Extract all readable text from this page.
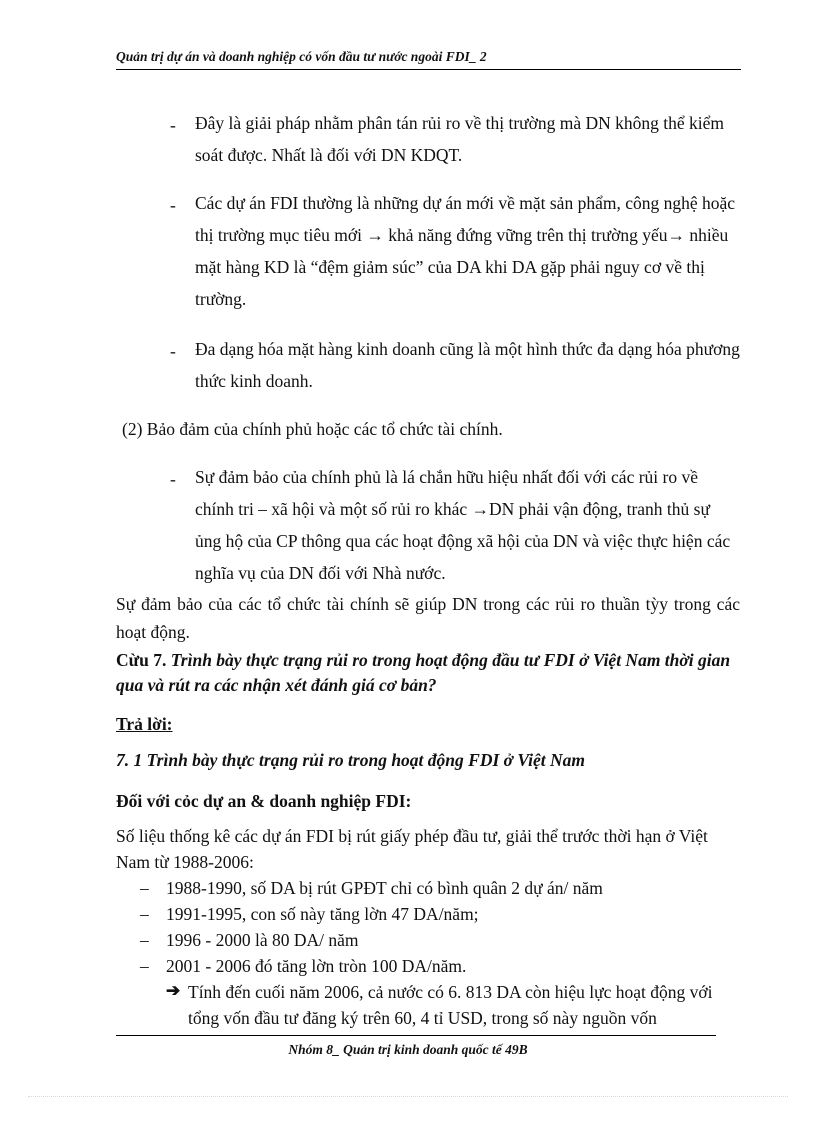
Quản trị dự án và doanh nghiệp có vốn đầu tư nước ngoài FDI_ 2
- Đây là giải pháp nhằm phân tán rủi ro về thị trường mà DN không thể kiểm soát được. Nhất là đối với DN KDQT.
- Các dự án FDI thường là những dự án mới về mặt sản phẩm, công nghệ hoặc thị trường mục tiêu mới → khả năng đứng vững trên thị trường yếu→ nhiều mặt hàng KD là “đệm giảm súc” của DA khi DA gặp phải nguy cơ về thị trường.
- Đa dạng hóa mặt hàng kinh doanh cũng là một hình thức đa dạng hóa phương thức kinh doanh.
(2) Bảo đảm của chính phủ hoặc các tổ chức tài chính.
- Sự đảm bảo của chính phủ là lá chắn hữu hiệu nhất đối với các rủi ro về chính tri – xã hội và một số rủi ro khác →DN phải vận động, tranh thủ sự ủng hộ của CP thông qua các hoạt động xã hội của DN và việc thực hiện các nghĩa vụ của DN đối với Nhà nước.
Sự đảm bảo của các tổ chức tài chính sẽ giúp DN trong các rủi ro thuần tỳy trong các hoạt động.
Cừu 7. Trình bày thực trạng rủi ro trong hoạt động đầu tư FDI ở Việt Nam thời gian qua và rút ra các nhận xét đánh giá cơ bản?
Trả lời:
7. 1 Trình bày thực trạng rủi ro trong hoạt động FDI ở Việt Nam
Đối với cỏc dự an & doanh nghiệp FDI:
Số liệu thống kê các dự án FDI bị rút giấy phép đầu tư, giải thể trước thời hạn ở Việt Nam từ 1988-2006:
– 1988-1990, số DA bị rút GPĐT chỉ có bình quân 2 dự án/ năm
– 1991-1995, con số này tăng lờn 47 DA/năm;
– 1996 - 2000 là 80 DA/ năm
– 2001 - 2006 đó tăng lờn tròn 100 DA/năm.
➔ Tính đến cuối năm 2006, cả nước có 6. 813 DA còn hiệu lực hoạt động với tổng vốn đầu tư đăng ký trên 60, 4 tỉ USD, trong số này nguồn vốn
Nhóm 8_ Quản trị kinh doanh quốc tế 49B
